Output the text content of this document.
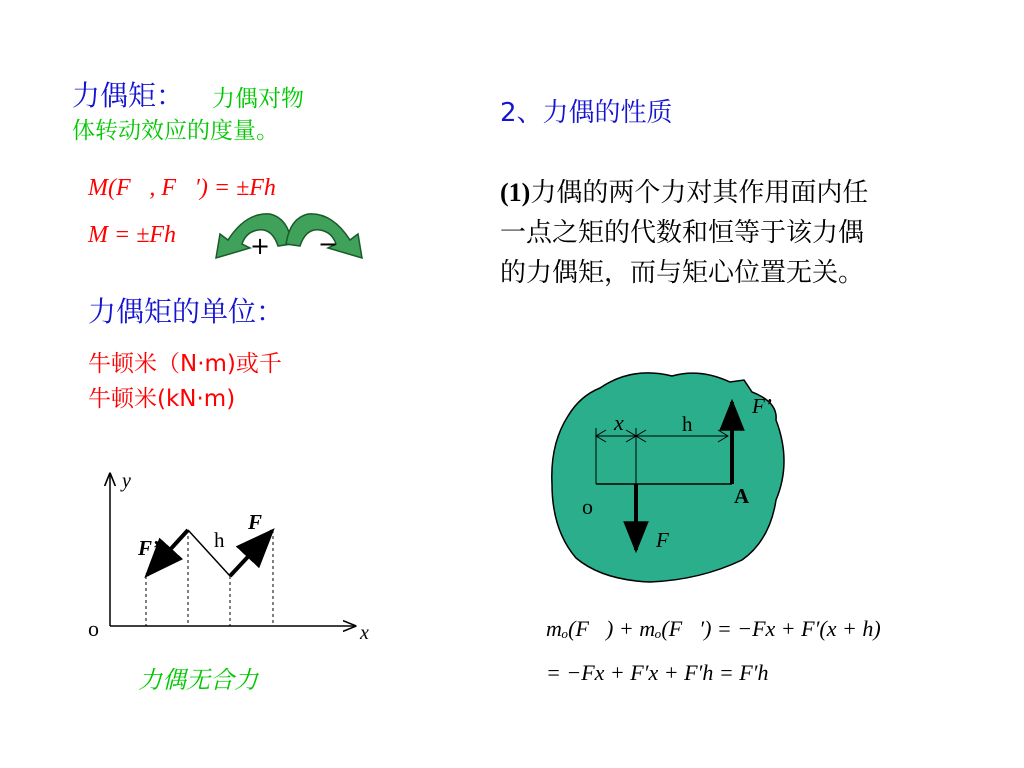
力偶矩： 力偶对物
体转动效应的度量。
M(F⃗, F⃗′) = ±Fh
M = ±Fh	+ −
力偶矩的单位：
牛顿米（N·m)或千
牛顿米(kN·m)
y
x
o
F
F’	h
力偶无合力
2、力偶的性质
(1)力偶的两个力对其作用面内任
一点之矩的代数和恒等于该力偶
的力偶矩，而与矩心位置无关。
F’
x	h
A
o
F
mₒ(F⃗) + mₒ(F⃗′) = −Fx + F′(x + h)
= −Fx + F′x + F′h = F′h
